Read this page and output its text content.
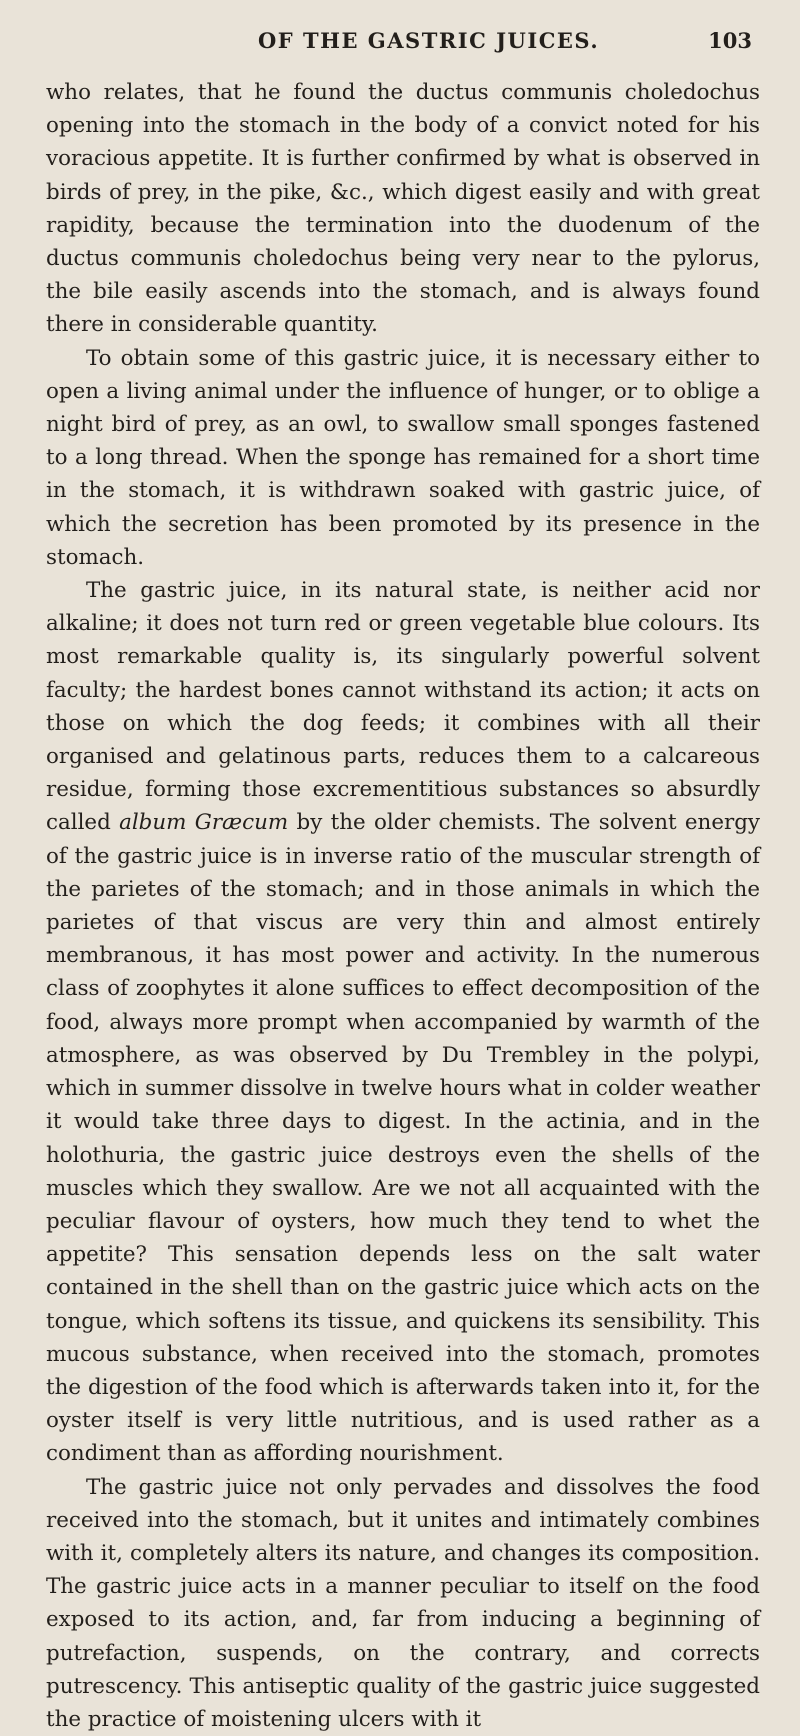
OF THE GASTRIC JUICES.	103

who relates, that he found the ductus communis choledochus opening into the stomach in the body of a convict noted for his voracious appetite. It is further confirmed by what is observed in birds of prey, in the pike, &c., which digest easily and with great rapidity, because the termination into the duodenum of the ductus communis choledochus being very near to the pylorus, the bile easily ascends into the stomach, and is always found there in considerable quantity.

To obtain some of this gastric juice, it is necessary either to open a living animal under the influence of hunger, or to oblige a night bird of prey, as an owl, to swallow small sponges fastened to a long thread. When the sponge has remained for a short time in the stomach, it is withdrawn soaked with gastric juice, of which the secretion has been promoted by its presence in the stomach.

The gastric juice, in its natural state, is neither acid nor alkaline; it does not turn red or green vegetable blue colours. Its most remarkable quality is, its singularly powerful solvent faculty; the hardest bones cannot withstand its action; it acts on those on which the dog feeds; it combines with all their organised and gelatinous parts, reduces them to a calcareous residue, forming those excrementitious substances so absurdly called album Græcum by the older chemists. The solvent energy of the gastric juice is in inverse ratio of the muscular strength of the parietes of the stomach; and in those animals in which the parietes of that viscus are very thin and almost entirely membranous, it has most power and activity. In the numerous class of zoophytes it alone suffices to effect decomposition of the food, always more prompt when accompanied by warmth of the atmosphere, as was observed by Du Trembley in the polypi, which in summer dissolve in twelve hours what in colder weather it would take three days to digest. In the actinia, and in the holothuria, the gastric juice destroys even the shells of the muscles which they swallow. Are we not all acquainted with the peculiar flavour of oysters, how much they tend to whet the appetite? This sensation depends less on the salt water contained in the shell than on the gastric juice which acts on the tongue, which softens its tissue, and quickens its sensibility. This mucous substance, when received into the stomach, promotes the digestion of the food which is afterwards taken into it, for the oyster itself is very little nutritious, and is used rather as a condiment than as affording nourishment.

The gastric juice not only pervades and dissolves the food received into the stomach, but it unites and intimately combines with it, completely alters its nature, and changes its composition. The gastric juice acts in a manner peculiar to itself on the food exposed to its action, and, far from inducing a beginning of putrefaction, suspends, on the contrary, and corrects putrescency. This antiseptic quality of the gastric juice suggested the practice of moistening ulcers with it
